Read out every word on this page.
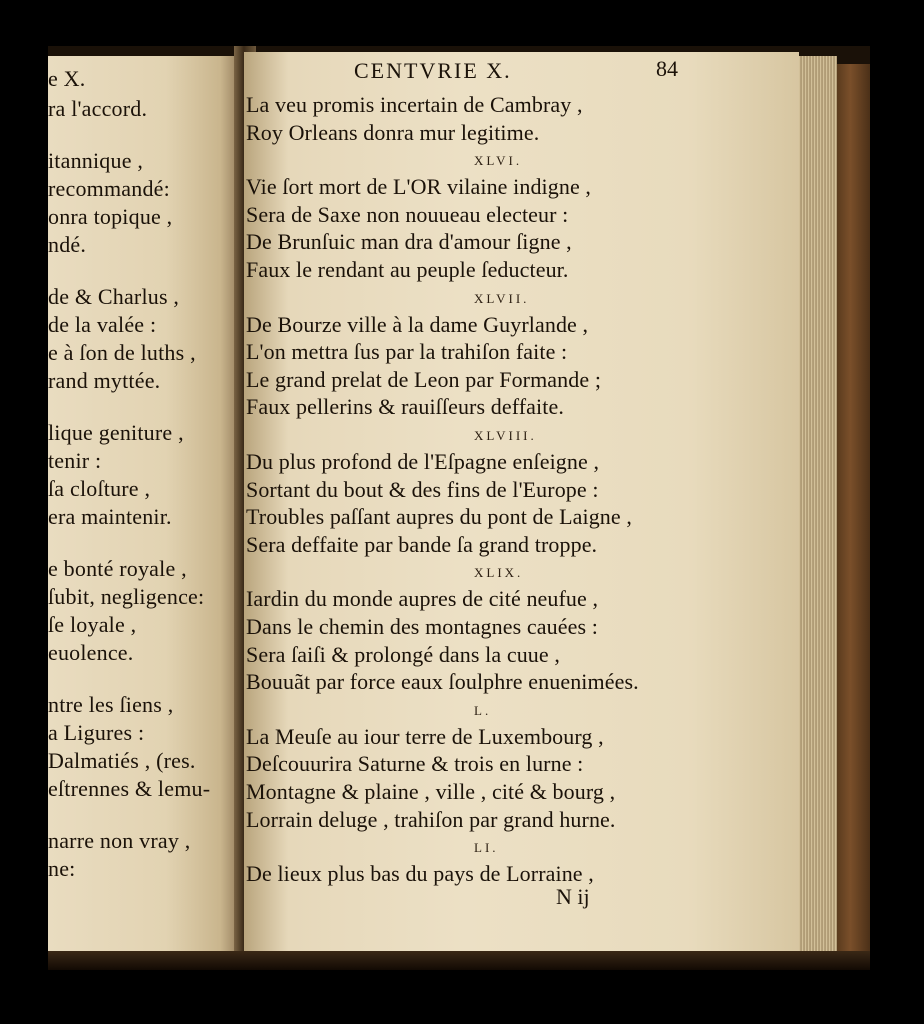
e X.
ra l'accord.
itannique ,
recommandé:
onra topique ,
ndé.
de & Charlus ,
de la valée :
e à ſon de luths ,
rand myttée.
lique geniture ,
tenir :
ſa cloſture ,
era maintenir.
e bonté royale ,
ſubit, negligence:
ſe loyale ,
euolence.
ntre les ſiens ,
a Ligures :
Dalmatiés , (res.
eſtrennes & lemu-
narre non vray ,
ne:
CENTVRIE X.	84
N ij
La veu promis incertain de Cambray ,
Roy Orleans donra mur legitime.
XLVI.
Vie ſort mort de L'OR vilaine indigne ,
Sera de Saxe non nouueau electeur :
De Brunſuic man dra d'amour ſigne ,
Faux le rendant au peuple ſeducteur.
XLVII.
De Bourze ville à la dame Guyrlande ,
L'on mettra ſus par la trahiſon faite :
Le grand prelat de Leon par Formande ;
Faux pellerins & rauiſſeurs deffaite.
XLVIII.
Du plus profond de l'Eſpagne enſeigne ,
Sortant du bout & des fins de l'Europe :
Troubles paſſant aupres du pont de Laigne ,
Sera deffaite par bande ſa grand troppe.
XLIX.
Iardin du monde aupres de cité neufue ,
Dans le chemin des montagnes cauées :
Sera ſaiſi & prolongé dans la cuue ,
Bouuãt par force eaux ſoulphre enuenimées.
L.
La Meuſe au iour terre de Luxembourg ,
Deſcouurira Saturne & trois en lurne :
Montagne & plaine , ville , cité & bourg ,
Lorrain deluge , trahiſon par grand hurne.
LI.
De lieux plus bas du pays de Lorraine ,
